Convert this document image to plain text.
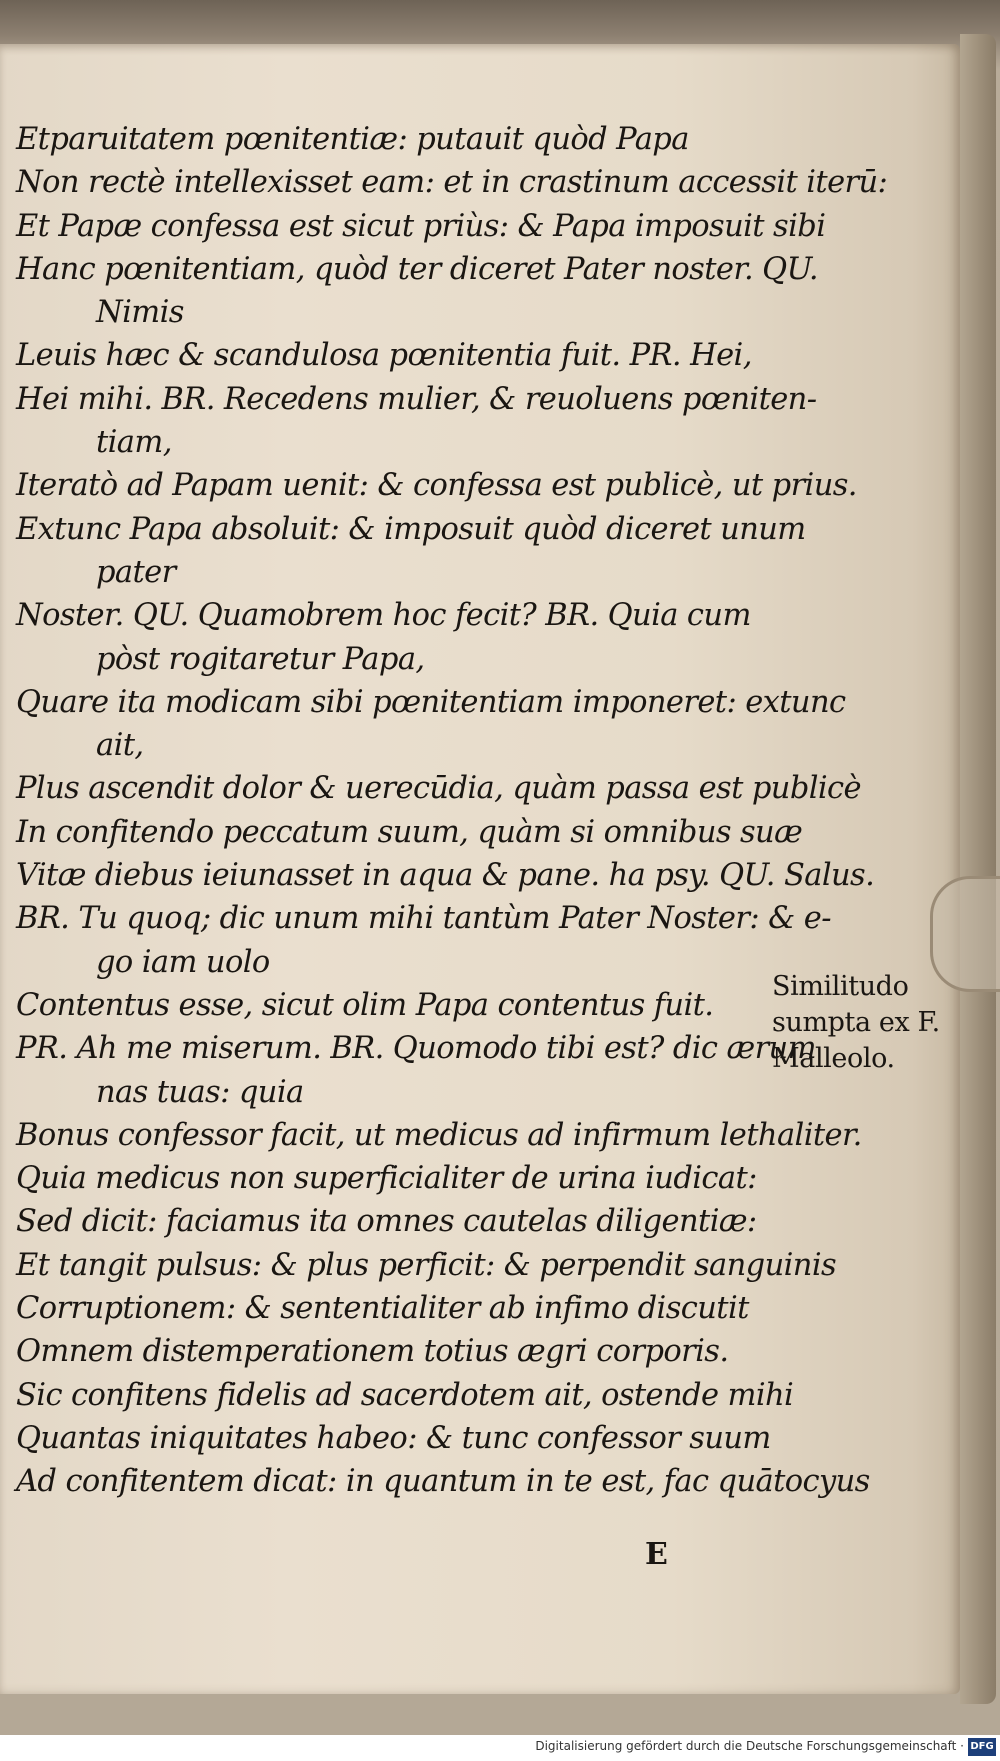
Etparuitatem pœnitentiæ: putauit quòd Papa
Non rectè intellexisset eam: et in crastinum accessit iterū:
Et Papæ confessa est sicut priùs: & Papa imposuit sibi
Hanc pœnitentiam, quòd ter diceret Pater noster. QU.
Nimis
Leuis hæc & scandulosa pœnitentia fuit. PR. Hei,
Hei mihi. BR. Recedens mulier, & reuoluens pœniten-
tiam,
Iteratò ad Papam uenit: & confessa est publicè, ut prius.
Extunc Papa absoluit: & imposuit quòd diceret unum
pater
Noster. QU. Quamobrem hoc fecit? BR. Quia cum
pòst rogitaretur Papa,
Quare ita modicam sibi pœnitentiam imponeret: extunc
ait,
Plus ascendit dolor & uerecūdia, quàm passa est publicè
In confitendo peccatum suum, quàm si omnibus suæ
Vitæ diebus ieiunasset in aqua & pane. ha psy. QU. Salus.
BR. Tu quoq; dic unum mihi tantùm Pater Noster: & e-
go iam uolo
Contentus esse, sicut olim Papa contentus fuit.
PR. Ah me miserum. BR. Quomodo tibi est? dic ærum
nas tuas: quia
Bonus confessor facit, ut medicus ad infirmum lethaliter.
Quia medicus non superficialiter de urina iudicat:
Sed dicit: faciamus ita omnes cautelas diligentiæ:
Et tangit pulsus: & plus perficit: & perpendit sanguinis
Corruptionem: & sententialiter ab infimo discutit
Omnem distemperationem totius ægri corporis.
Sic confitens fidelis ad sacerdotem ait, ostende mihi
Quantas iniquitates habeo: & tunc confessor suum
Ad confitentem dicat: in quantum in te est, fac quātocyus
Similitudo
sumpta ex F.
Malleolo.
E
Digitalisierung gefördert durch die Deutsche Forschungsgemeinschaft · DFG
